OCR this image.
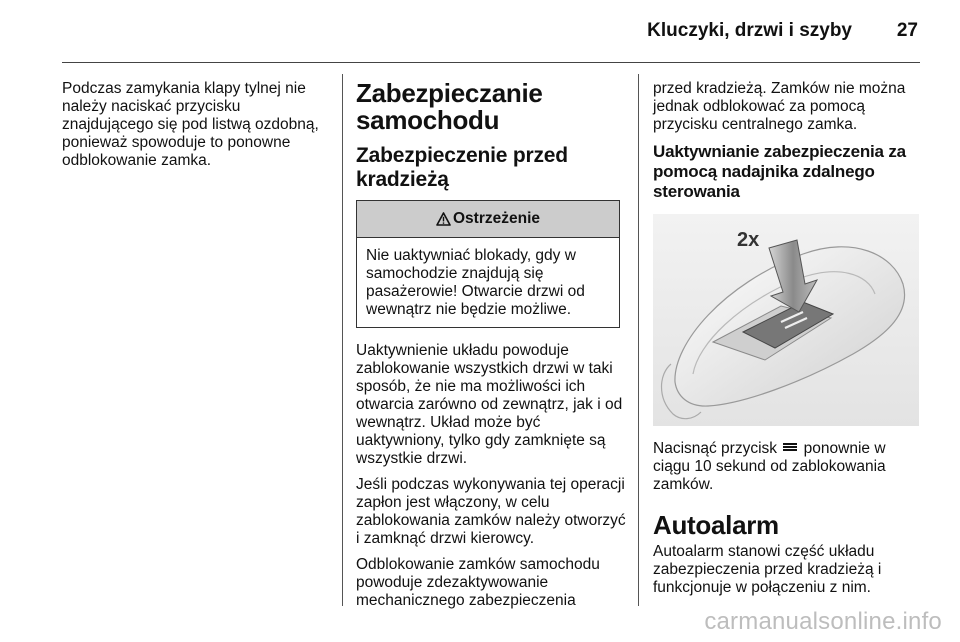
Kluczyki, drzwi i szyby 27

Podczas zamykania klapy tylnej nie należy naciskać przycisku znajdującego się pod listwą ozdobną, ponieważ spowoduje to ponowne odblokowanie zamka.

Zabezpieczanie samochodu
Zabezpieczenie przed kradzieżą
Ostrzeżenie
Nie uaktywniać blokady, gdy w samochodzie znajdują się pasażerowie! Otwarcie drzwi od wewnątrz nie będzie możliwe.

Uaktywnienie układu powoduje zablokowanie wszystkich drzwi w taki sposób, że nie ma możliwości ich otwarcia zarówno od zewnątrz, jak i od wewnątrz. Układ może być uaktywniony, tylko gdy zamknięte są wszystkie drzwi.

Jeśli podczas wykonywania tej operacji zapłon jest włączony, w celu zablokowania zamków należy otworzyć i zamknąć drzwi kierowcy.

Odblokowanie zamków samochodu powoduje zdezaktywowanie mechanicznego zabezpieczenia

przed kradzieżą. Zamków nie można jednak odblokować za pomocą przycisku centralnego zamka.

Uaktywnianie zabezpieczenia za pomocą nadajnika zdalnego sterowania
2x

Nacisnąć przycisk ponownie w ciągu 10 sekund od zablokowania zamków.

Autoalarm

Autoalarm stanowi część układu zabezpieczenia przed kradzieżą i funkcjonuje w połączeniu z nim.

carmanualsonline.info
